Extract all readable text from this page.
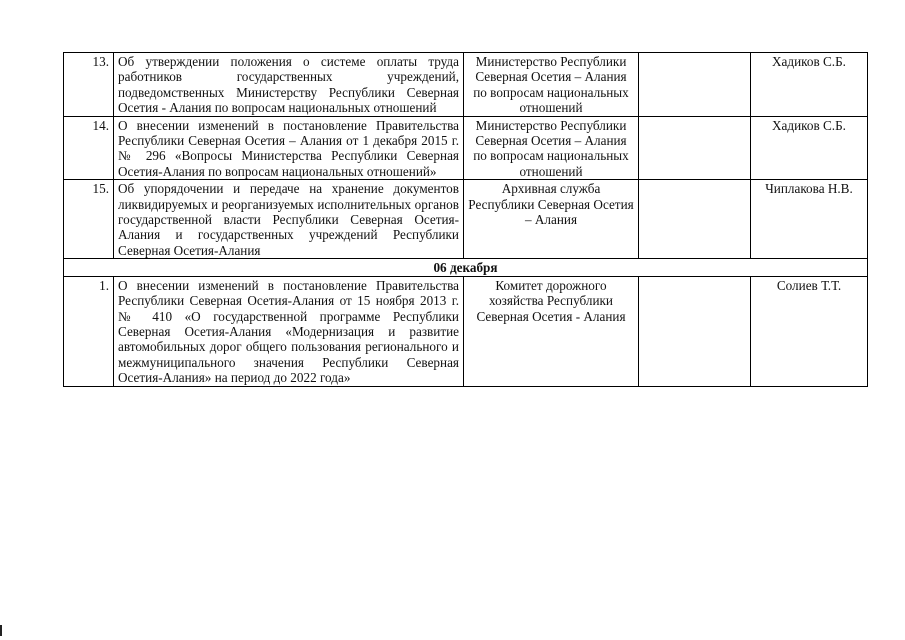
13.	Об утверждении положения о системе оплаты труда работников государственных учреждений, подведомственных Министерству Республики Северная Осетия - Алания по вопросам национальных отношений	Министерство Республики Северная Осетия – Алания по вопросам национальных отношений		Хадиков С.Б.
14.	О внесении изменений в постановление Правительства Республики Северная Осетия – Алания от 1 декабря 2015 г. № 296 «Вопросы Министерства Республики Северная Осетия-Алания по вопросам национальных отношений»	Министерство Республики Северная Осетия – Алания по вопросам национальных отношений		Хадиков С.Б.
15.	Об упорядочении и передаче на хранение документов ликвидируемых и реорганизуемых исполнительных органов государственной власти Республики Северная Осетия-Алания и государственных учреждений Республики Северная Осетия-Алания	Архивная служба Республики Северная Осетия – Алания		Чиплакова Н.В.
06 декабря				
1.	О внесении изменений в постановление Правительства Республики Северная Осетия-Алания от 15 ноября 2013 г. № 410 «О государственной программе Республики Северная Осетия-Алания «Модернизация и развитие автомобильных дорог общего пользования регионального и межмуниципального значения Республики Северная Осетия-Алания» на период до 2022 года»	Комитет дорожного хозяйства Республики Северная Осетия - Алания		Солиев Т.Т.
